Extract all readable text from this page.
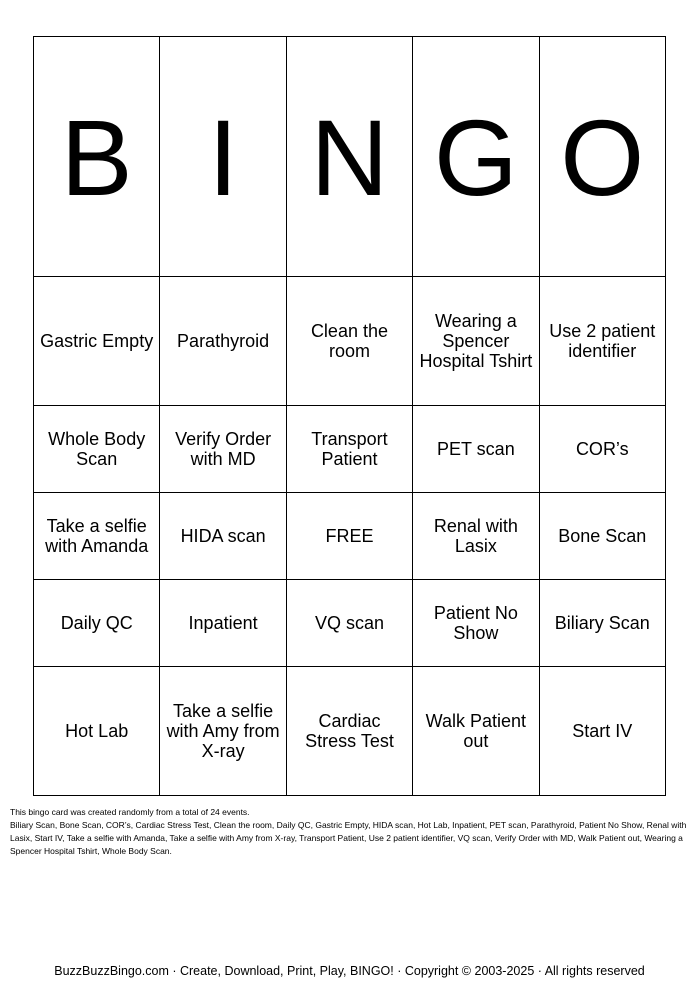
B	I	N	G	O
Gastric Empty	Parathyroid	Clean the room	Wearing a Spencer Hospital Tshirt	Use 2 patient identifier
Whole Body Scan	Verify Order with MD	Transport Patient	PET scan	COR’s
Take a selfie with Amanda	HIDA scan	FREE	Renal with Lasix	Bone Scan
Daily QC	Inpatient	VQ scan	Patient No Show	Biliary Scan
Hot Lab	Take a selfie with Amy from X-ray	Cardiac Stress Test	Walk Patient out	Start IV

This bingo card was created randomly from a total of 24 events.

Biliary Scan, Bone Scan, COR’s, Cardiac Stress Test, Clean the room, Daily QC, Gastric Empty, HIDA scan, Hot Lab, Inpatient, PET scan, Parathyroid, Patient No Show, Renal with Lasix, Start IV, Take a selfie with Amanda, Take a selfie with Amy from X-ray, Transport Patient, Use 2 patient identifier, VQ scan, Verify Order with MD, Walk Patient out, Wearing a Spencer Hospital Tshirt, Whole Body Scan.

BuzzBuzzBingo.com · Create, Download, Print, Play, BINGO! · Copyright © 2003-2025 · All rights reserved
